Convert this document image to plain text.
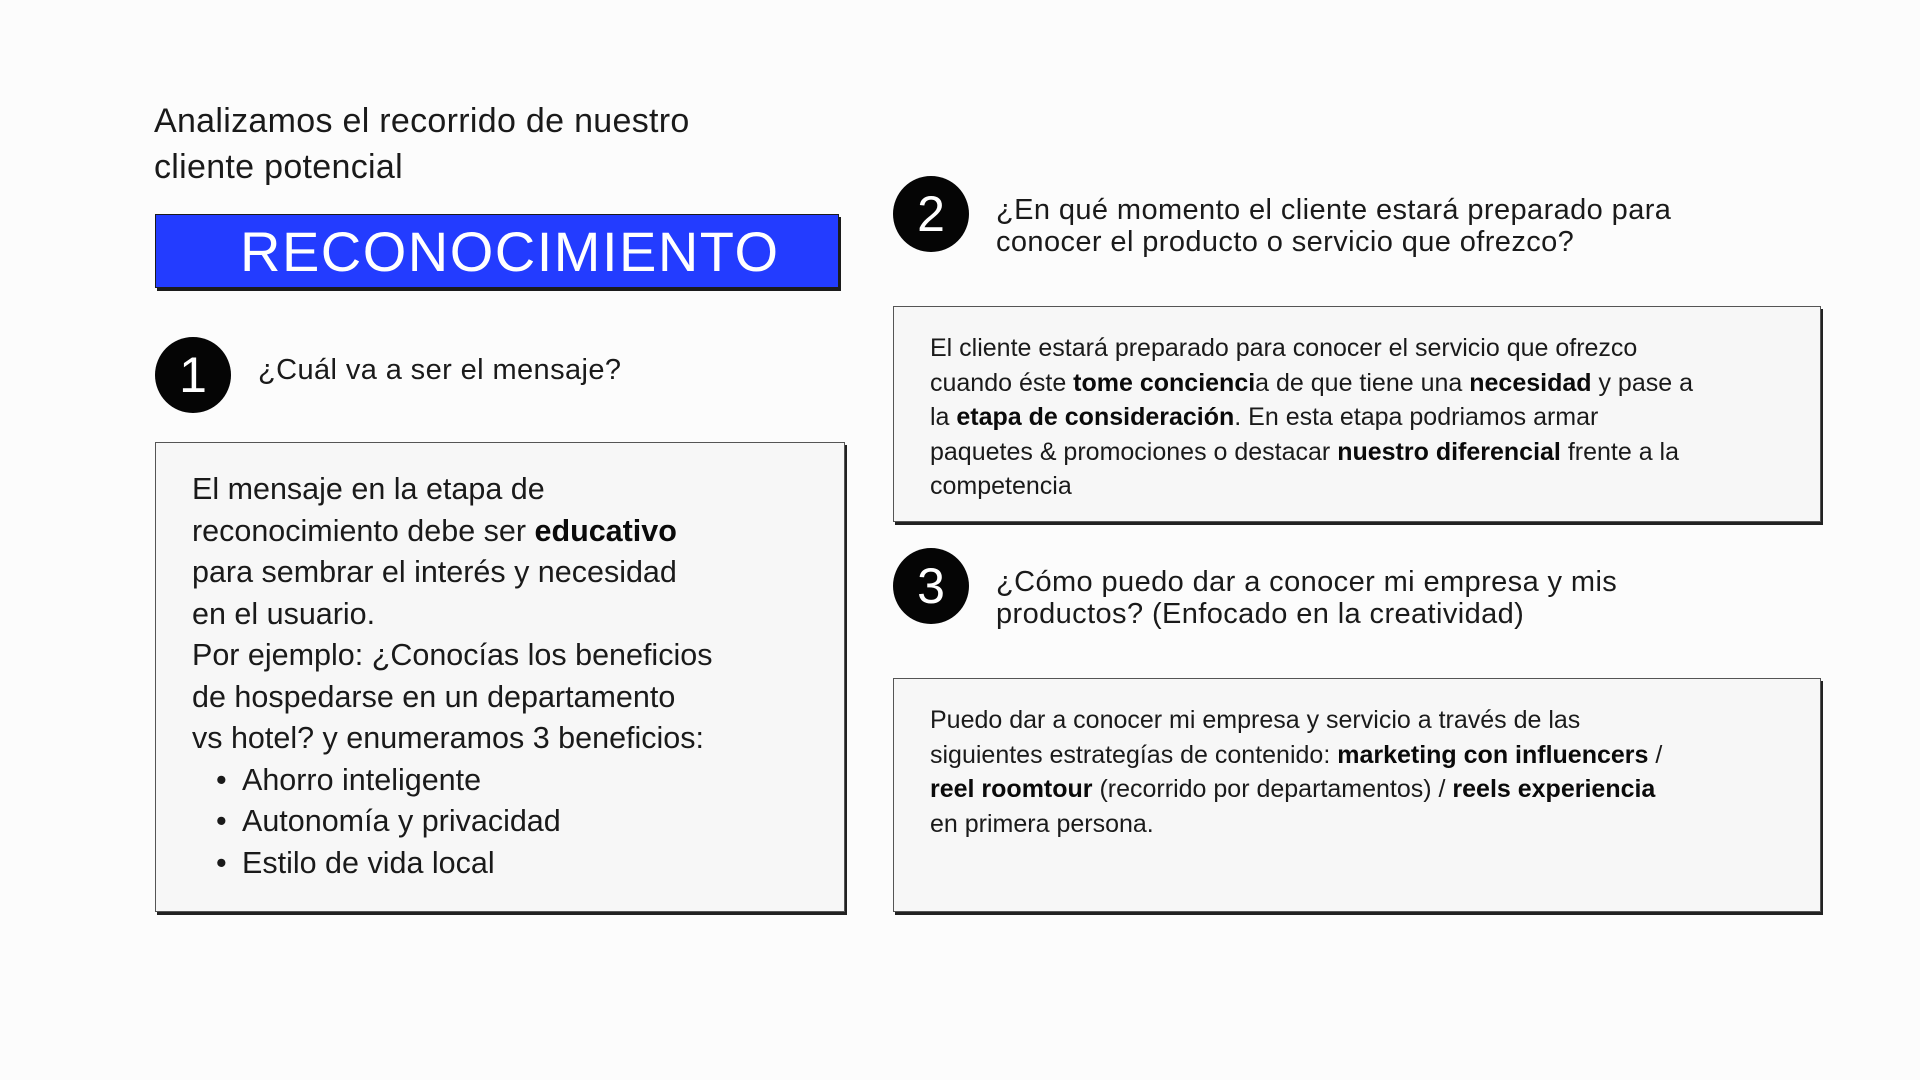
Analizamos el recorrido de nuestro
cliente potencial
RECONOCIMIENTO
1	¿Cuál va a ser el mensaje?
El mensaje en la etapa de
reconocimiento debe ser educativo
para sembrar el interés y necesidad
en el usuario.
Por ejemplo: ¿Conocías los beneficios
de hospedarse en un departamento
vs hotel? y enumeramos 3 beneficios:
• Ahorro inteligente
• Autonomía y privacidad
• Estilo de vida local
2	¿En qué momento el cliente estará preparado para
conocer el producto o servicio que ofrezco?
El cliente estará preparado para conocer el servicio que ofrezco
cuando éste tome conciencia de que tiene una necesidad y pase a
la etapa de consideración. En esta etapa podriamos armar
paquetes & promociones o destacar nuestro diferencial frente a la
competencia
3	¿Cómo puedo dar a conocer mi empresa y mis
productos? (Enfocado en la creatividad)
Puedo dar a conocer mi empresa y servicio a través de las
siguientes estrategías de contenido: marketing con influencers /
reel roomtour (recorrido por departamentos) / reels experiencia
en primera persona.
